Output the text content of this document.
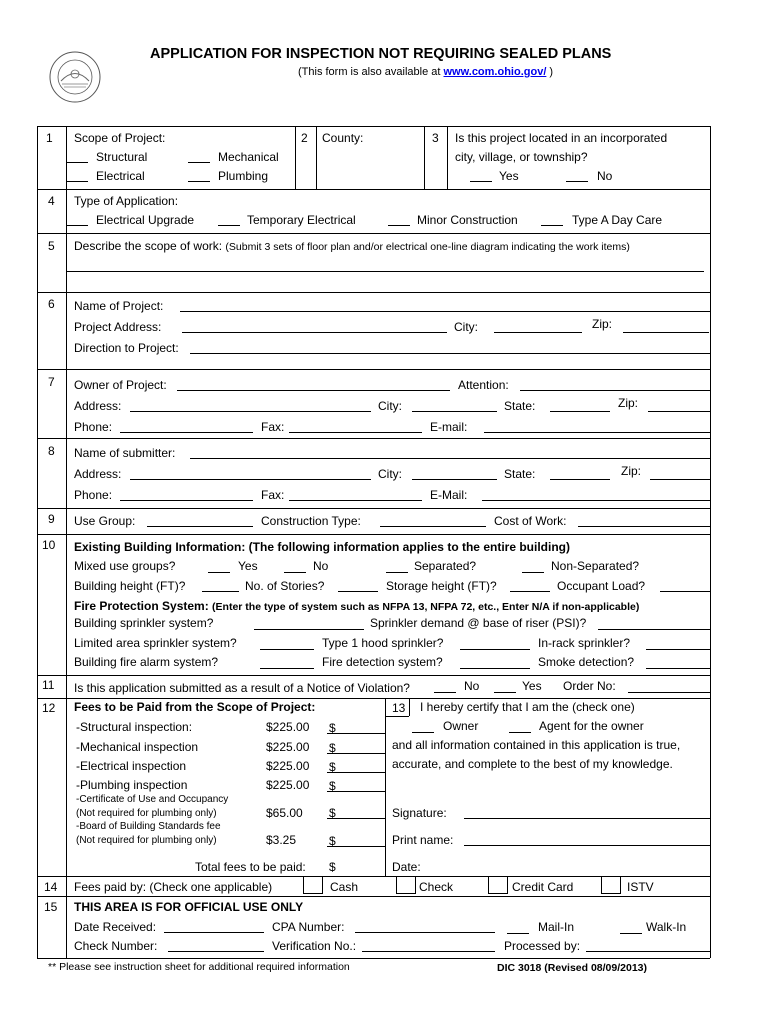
APPLICATION FOR INSPECTION NOT REQUIRING SEALED PLANS
(This form is also available at www.com.ohio.gov/ )
1 Scope of Project:
Structural	Mechanical
Electrical	Plumbing
2 County:	3 Is this project located in an incorporated
city, village, or township?
Yes	No
4 Type of Application:
Electrical Upgrade	Temporary Electrical	Minor Construction	Type A Day Care
5 Describe the scope of work: (Submit 3 sets of floor plan and/or electrical one-line diagram indicating the work items)
6 Name of Project:
Project Address:	City:	Zip:
Direction to Project:
7 Owner of Project:	Attention:
Address:	City:	State:	Zip:
Phone:	Fax:	E-mail:
8 Name of submitter:
Address:	City:	State:	Zip:
Phone:	Fax:	E-Mail:
9 Use Group:	Construction Type:	Cost of Work:
10 Existing Building Information: (The following information applies to the entire building)
Mixed use groups?	Yes	No	Separated?	Non-Separated?
Building height (FT)?	No. of Stories?	Storage height (FT)?	Occupant Load?
Fire Protection System: (Enter the type of system such as NFPA 13, NFPA 72, etc., Enter N/A if non-applicable)
Building sprinkler system?	Sprinkler demand @ base of riser (PSI)?
Limited area sprinkler system?	Type 1 hood sprinkler?	In-rack sprinkler?
Building fire alarm system?	Fire detection system?	Smoke detection?
11 Is this application submitted as a result of a Notice of Violation?	No	Yes Order No:
12 Fees to be Paid from the Scope of Project:
-Structural inspection:	$225.00 $
-Mechanical inspection	$225.00 $
-Electrical inspection	$225.00 $
-Plumbing inspection	$225.00 $
-Certificate of Use and Occupancy
(Not required for plumbing only)	$65.00 $
-Board of Building Standards fee
(Not required for plumbing only)	$3.25	$
Total fees to be paid: $
13 I hereby certify that I am the (check one)
Owner	Agent for the owner
and all information contained in this application is true,
accurate, and complete to the best of my knowledge.
Signature:
Print name:
Date:
14 Fees paid by: (Check one applicable)	Cash	Check	Credit Card	ISTV
15 THIS AREA IS FOR OFFICIAL USE ONLY
Date Received:	CPA Number:	Mail-In	Walk-In
Check Number:	Verification No.:	Processed by:
** Please see instruction sheet for additional required information	DIC 3018 (Revised 08/09/2013)
